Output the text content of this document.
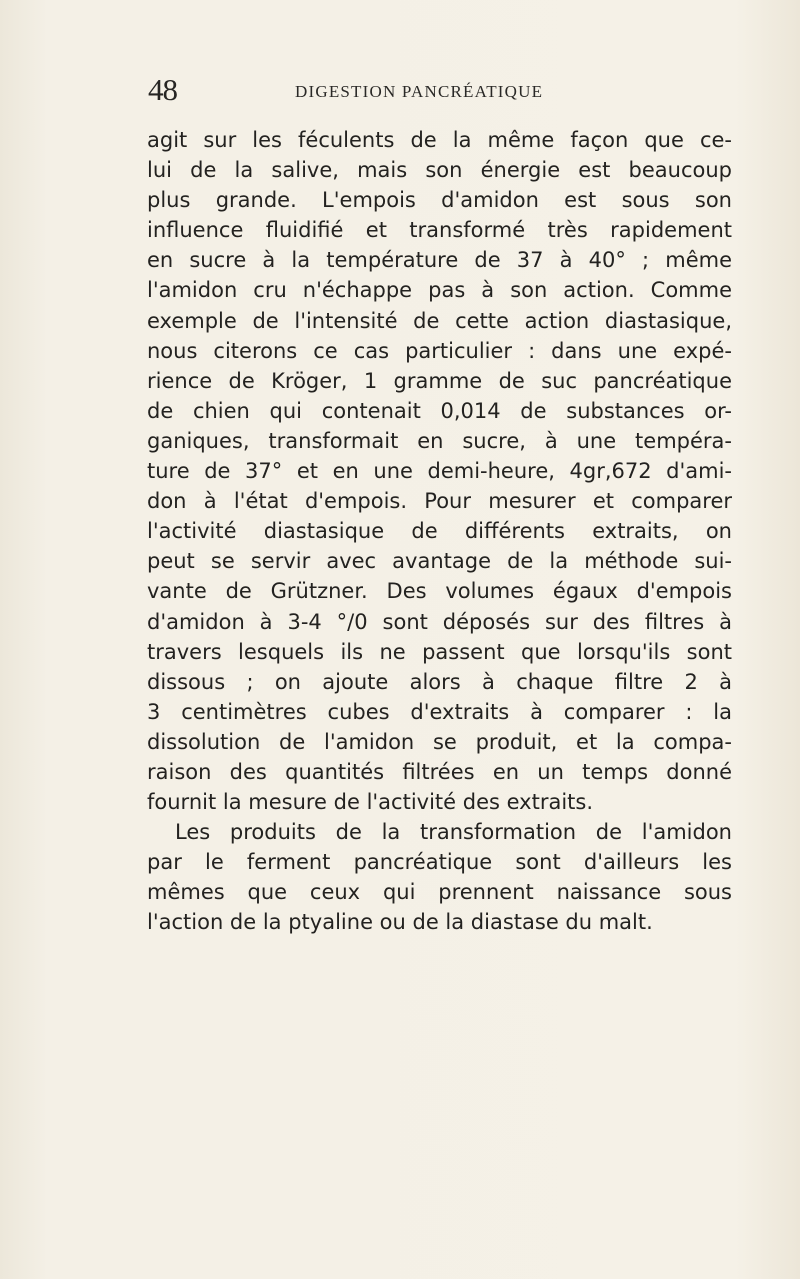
48	DIGESTION PANCRÉATIQUE
agit sur les féculents de la même façon que ce-
lui de la salive, mais son énergie est beaucoup
plus grande. L'empois d'amidon est sous son
influence fluidifié et transformé très rapidement
en sucre à la température de 37 à 40° ; même
l'amidon cru n'échappe pas à son action. Comme
exemple de l'intensité de cette action diastasique,
nous citerons ce cas particulier : dans une expé-
rience de Kröger, 1 gramme de suc pancréatique
de chien qui contenait 0,014 de substances or-
ganiques, transformait en sucre, à une tempéra-
ture de 37° et en une demi-heure, 4gr,672 d'ami-
don à l'état d'empois. Pour mesurer et comparer
l'activité diastasique de différents extraits, on
peut se servir avec avantage de la méthode sui-
vante de Grützner. Des volumes égaux d'empois
d'amidon à 3-4 °/0 sont déposés sur des filtres à
travers lesquels ils ne passent que lorsqu'ils sont
dissous ; on ajoute alors à chaque filtre 2 à
3 centimètres cubes d'extraits à comparer : la
dissolution de l'amidon se produit, et la compa-
raison des quantités filtrées en un temps donné
fournit la mesure de l'activité des extraits.
Les produits de la transformation de l'amidon
par le ferment pancréatique sont d'ailleurs les
mêmes que ceux qui prennent naissance sous
l'action de la ptyaline ou de la diastase du malt.
